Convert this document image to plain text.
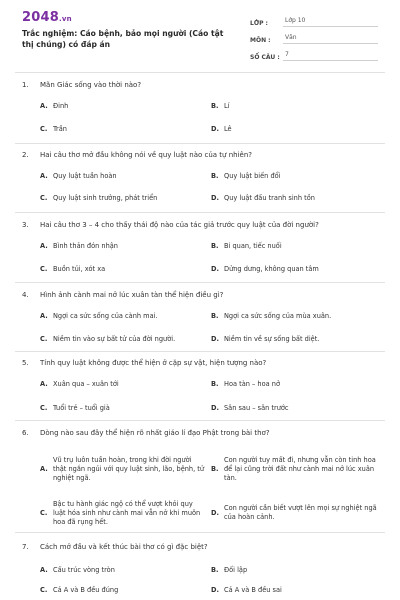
2048.vn
Trắc nghiệm: Cáo bệnh, bảo mọi người (Cáo tật thị chúng) có đáp án
LỚP :	Lớp 10
MÔN :	Văn
SỐ CÂU : 7
1. Mãn Giác sống vào thời nào?
A. Đinh	B. Lí
C. Trần	D. Lê
2. Hai câu thơ mở đầu không nói về quy luật nào của tự nhiên?
A. Quy luật tuần hoàn	B. Quy luật biến đổi
C. Quy luật sinh trưởng, phát triển	D. Quy luật đấu tranh sinh tồn
3. Hai câu thơ 3 – 4 cho thấy thái độ nào của tác giả trước quy luật của đời người?
A. Bình thản đón nhận	B. Bi quan, tiếc nuối
C. Buồn tủi, xót xa	D. Dửng dưng, không quan tâm
4. Hình ảnh cành mai nở lúc xuân tàn thể hiện điều gì?
A. Ngợi ca sức sống của cành mai.	B. Ngợi ca sức sống của mùa xuân.
C. Niềm tin vào sự bất tử của đời người.	D. Niềm tin về sự sống bất diệt.
5. Tính quy luật không được thể hiện ở cặp sự vật, hiện tượng nào?
A. Xuân qua – xuân tới	B. Hoa tàn – hoa nở
C. Tuổi trẻ – tuổi già	D. Sân sau – sân trước
6. Dòng nào sau đây thể hiện rõ nhất giáo lí đạo Phật trong bài thơ?
A.
Vũ trụ luôn tuần hoàn, trong khi đời người thật ngắn ngủi với quy luật sinh, lão, bệnh, tử nghiệt ngã.
B.
Con người tuy mất đi, nhưng vẫn còn tinh hoa để lại cũng trời đất như cành mai nở lúc xuân tàn.
C.
Bậc tu hành giác ngộ có thể vượt khỏi quy luật hóa sinh như cành mai vẫn nở khi muôn hoa đã rụng hết.
D.
Con người cần biết vượt lên mọi sự nghiệt ngã của hoàn cảnh.
7. Cách mở đầu và kết thúc bài thơ có gì đặc biệt?
A. Cấu trúc vòng tròn	B. Đối lập
C. Cả A và B đều đúng	D. Cả A và B đều sai
